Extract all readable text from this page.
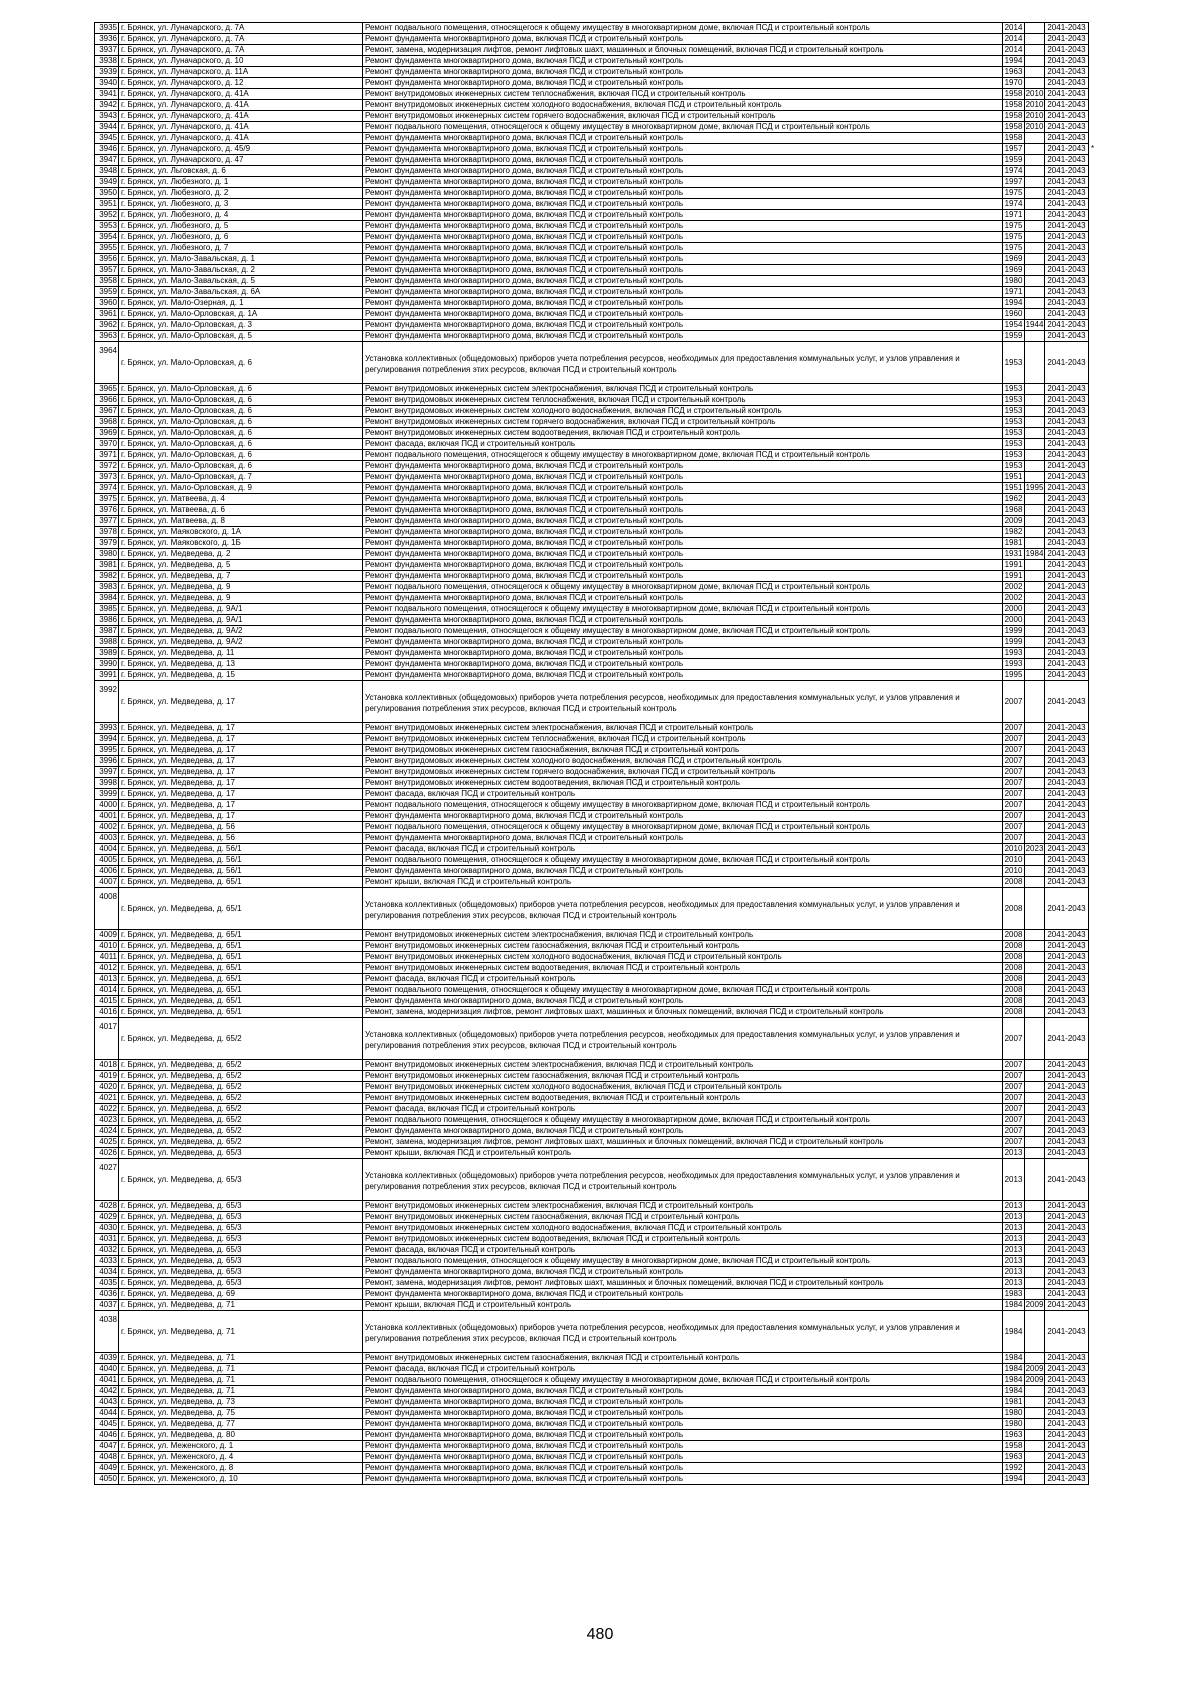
3935	г. Брянск, ул. Луначарского, д. 7А	Ремонт подвального помещения, относящегося к общему имуществу в многоквартирном доме, включая ПСД и строительный контроль	2014		2041-2043	
3936	г. Брянск, ул. Луначарского, д. 7А	Ремонт фундамента многоквартирного дома, включая ПСД и строительный контроль	2014		2041-2043	
3937	г. Брянск, ул. Луначарского, д. 7А	Ремонт, замена, модернизация лифтов, ремонт лифтовых шахт, машинных и блочных помещений, включая ПСД и строительный контроль	2014		2041-2043	
3938	г. Брянск, ул. Луначарского, д. 10	Ремонт фундамента многоквартирного дома, включая ПСД и строительный контроль	1994		2041-2043	
3939	г. Брянск, ул. Луначарского, д. 11А	Ремонт фундамента многоквартирного дома, включая ПСД и строительный контроль	1963		2041-2043	
3940	г. Брянск, ул. Луначарского, д. 12	Ремонт фундамента многоквартирного дома, включая ПСД и строительный контроль	1970		2041-2043	
3941	г. Брянск, ул. Луначарского, д. 41А	Ремонт внутридомовых инженерных систем теплоснабжения, включая ПСД и строительный контроль	1958	2010	2041-2043	
3942	г. Брянск, ул. Луначарского, д. 41А	Ремонт внутридомовых инженерных систем холодного водоснабжения, включая ПСД и строительный контроль	1958	2010	2041-2043	
3943	г. Брянск, ул. Луначарского, д. 41А	Ремонт внутридомовых инженерных систем горячего водоснабжения, включая ПСД и строительный контроль	1958	2010	2041-2043	
3944	г. Брянск, ул. Луначарского, д. 41А	Ремонт подвального помещения, относящегося к общему имуществу в многоквартирном доме, включая ПСД и строительный контроль	1958	2010	2041-2043	
3945	г. Брянск, ул. Луначарского, д. 41А	Ремонт фундамента многоквартирного дома, включая ПСД и строительный контроль	1958		2041-2043	
3946	г. Брянск, ул. Луначарского, д. 45/9	Ремонт фундамента многоквартирного дома, включая ПСД и строительный контроль	1957		2041-2043	*
3947	г. Брянск, ул. Луначарского, д. 47	Ремонт фундамента многоквартирного дома, включая ПСД и строительный контроль	1959		2041-2043	
3948	г. Брянск, ул. Льговская, д. 6	Ремонт фундамента многоквартирного дома, включая ПСД и строительный контроль	1974		2041-2043	
3949	г. Брянск, ул. Любезного, д. 1	Ремонт фундамента многоквартирного дома, включая ПСД и строительный контроль	1997		2041-2043	
3950	г. Брянск, ул. Любезного, д. 2	Ремонт фундамента многоквартирного дома, включая ПСД и строительный контроль	1975		2041-2043	
3951	г. Брянск, ул. Любезного, д. 3	Ремонт фундамента многоквартирного дома, включая ПСД и строительный контроль	1974		2041-2043	
3952	г. Брянск, ул. Любезного, д. 4	Ремонт фундамента многоквартирного дома, включая ПСД и строительный контроль	1971		2041-2043	
3953	г. Брянск, ул. Любезного, д. 5	Ремонт фундамента многоквартирного дома, включая ПСД и строительный контроль	1975		2041-2043	
3954	г. Брянск, ул. Любезного, д. 6	Ремонт фундамента многоквартирного дома, включая ПСД и строительный контроль	1975		2041-2043	
3955	г. Брянск, ул. Любезного, д. 7	Ремонт фундамента многоквартирного дома, включая ПСД и строительный контроль	1975		2041-2043	
3956	г. Брянск, ул. Мало-Завальская, д. 1	Ремонт фундамента многоквартирного дома, включая ПСД и строительный контроль	1969		2041-2043	
3957	г. Брянск, ул. Мало-Завальская, д. 2	Ремонт фундамента многоквартирного дома, включая ПСД и строительный контроль	1969		2041-2043	
3958	г. Брянск, ул. Мало-Завальская, д. 5	Ремонт фундамента многоквартирного дома, включая ПСД и строительный контроль	1980		2041-2043	
3959	г. Брянск, ул. Мало-Завальская, д. 6А	Ремонт фундамента многоквартирного дома, включая ПСД и строительный контроль	1971		2041-2043	
3960	г. Брянск, ул. Мало-Озерная, д. 1	Ремонт фундамента многоквартирного дома, включая ПСД и строительный контроль	1994		2041-2043	
3961	г. Брянск, ул. Мало-Орловская, д. 1А	Ремонт фундамента многоквартирного дома, включая ПСД и строительный контроль	1960		2041-2043	
3962	г. Брянск, ул. Мало-Орловская, д. 3	Ремонт фундамента многоквартирного дома, включая ПСД и строительный контроль	1954	1944	2041-2043	
3963	г. Брянск, ул. Мало-Орловская, д. 5	Ремонт фундамента многоквартирного дома, включая ПСД и строительный контроль	1959		2041-2043	
3964	г. Брянск, ул. Мало-Орловская, д. 6	Установка коллективных (общедомовых) приборов учета потребления ресурсов, необходимых для предоставления коммунальных услуг, и узлов управления и регулирования потребления этих ресурсов, включая ПСД и строительный контроль	1953		2041-2043	
3965	г. Брянск, ул. Мало-Орловская, д. 6	Ремонт внутридомовых инженерных систем электроснабжения, включая ПСД и строительный контроль	1953		2041-2043	
3966	г. Брянск, ул. Мало-Орловская, д. 6	Ремонт внутридомовых инженерных систем теплоснабжения, включая ПСД и строительный контроль	1953		2041-2043	
3967	г. Брянск, ул. Мало-Орловская, д. 6	Ремонт внутридомовых инженерных систем холодного водоснабжения, включая ПСД и строительный контроль	1953		2041-2043	
3968	г. Брянск, ул. Мало-Орловская, д. 6	Ремонт внутридомовых инженерных систем горячего водоснабжения, включая ПСД и строительный контроль	1953		2041-2043	
3969	г. Брянск, ул. Мало-Орловская, д. 6	Ремонт внутридомовых инженерных систем водоотведения, включая ПСД и строительный контроль	1953		2041-2043	
3970	г. Брянск, ул. Мало-Орловская, д. 6	Ремонт фасада, включая ПСД и строительный контроль	1953		2041-2043	
3971	г. Брянск, ул. Мало-Орловская, д. 6	Ремонт подвального помещения, относящегося к общему имуществу в многоквартирном доме, включая ПСД и строительный контроль	1953		2041-2043	
3972	г. Брянск, ул. Мало-Орловская, д. 6	Ремонт фундамента многоквартирного дома, включая ПСД и строительный контроль	1953		2041-2043	
3973	г. Брянск, ул. Мало-Орловская, д. 7	Ремонт фундамента многоквартирного дома, включая ПСД и строительный контроль	1951		2041-2043	
3974	г. Брянск, ул. Мало-Орловская, д. 9	Ремонт фундамента многоквартирного дома, включая ПСД и строительный контроль	1951	1995	2041-2043	
3975	г. Брянск, ул. Матвеева, д. 4	Ремонт фундамента многоквартирного дома, включая ПСД и строительный контроль	1962		2041-2043	
3976	г. Брянск, ул. Матвеева, д. 6	Ремонт фундамента многоквартирного дома, включая ПСД и строительный контроль	1968		2041-2043	
3977	г. Брянск, ул. Матвеева, д. 8	Ремонт фундамента многоквартирного дома, включая ПСД и строительный контроль	2009		2041-2043	
3978	г. Брянск, ул. Маяковского, д. 1А	Ремонт фундамента многоквартирного дома, включая ПСД и строительный контроль	1982		2041-2043	
3979	г. Брянск, ул. Маяковского, д. 1Б	Ремонт фундамента многоквартирного дома, включая ПСД и строительный контроль	1981		2041-2043	
3980	г. Брянск, ул. Медведева, д. 2	Ремонт фундамента многоквартирного дома, включая ПСД и строительный контроль	1931	1984	2041-2043	
3981	г. Брянск, ул. Медведева, д. 5	Ремонт фундамента многоквартирного дома, включая ПСД и строительный контроль	1991		2041-2043	
3982	г. Брянск, ул. Медведева, д. 7	Ремонт фундамента многоквартирного дома, включая ПСД и строительный контроль	1991		2041-2043	
3983	г. Брянск, ул. Медведева, д. 9	Ремонт подвального помещения, относящегося к общему имуществу в многоквартирном доме, включая ПСД и строительный контроль	2002		2041-2043	
3984	г. Брянск, ул. Медведева, д. 9	Ремонт фундамента многоквартирного дома, включая ПСД и строительный контроль	2002		2041-2043	
3985	г. Брянск, ул. Медведева, д. 9А/1	Ремонт подвального помещения, относящегося к общему имуществу в многоквартирном доме, включая ПСД и строительный контроль	2000		2041-2043	
3986	г. Брянск, ул. Медведева, д. 9А/1	Ремонт фундамента многоквартирного дома, включая ПСД и строительный контроль	2000		2041-2043	
3987	г. Брянск, ул. Медведева, д. 9А/2	Ремонт подвального помещения, относящегося к общему имуществу в многоквартирном доме, включая ПСД и строительный контроль	1999		2041-2043	
3988	г. Брянск, ул. Медведева, д. 9А/2	Ремонт фундамента многоквартирного дома, включая ПСД и строительный контроль	1999		2041-2043	
3989	г. Брянск, ул. Медведева, д. 11	Ремонт фундамента многоквартирного дома, включая ПСД и строительный контроль	1993		2041-2043	
3990	г. Брянск, ул. Медведева, д. 13	Ремонт фундамента многоквартирного дома, включая ПСД и строительный контроль	1993		2041-2043	
3991	г. Брянск, ул. Медведева, д. 15	Ремонт фундамента многоквартирного дома, включая ПСД и строительный контроль	1995		2041-2043	
3992	г. Брянск, ул. Медведева, д. 17	Установка коллективных (общедомовых) приборов учета потребления ресурсов, необходимых для предоставления коммунальных услуг, и узлов управления и регулирования потребления этих ресурсов, включая ПСД и строительный контроль	2007		2041-2043	
3993	г. Брянск, ул. Медведева, д. 17	Ремонт внутридомовых инженерных систем электроснабжения, включая ПСД и строительный контроль	2007		2041-2043	
3994	г. Брянск, ул. Медведева, д. 17	Ремонт внутридомовых инженерных систем теплоснабжения, включая ПСД и строительный контроль	2007		2041-2043	
3995	г. Брянск, ул. Медведева, д. 17	Ремонт внутридомовых инженерных систем газоснабжения, включая ПСД и строительный контроль	2007		2041-2043	
3996	г. Брянск, ул. Медведева, д. 17	Ремонт внутридомовых инженерных систем холодного водоснабжения, включая ПСД и строительный контроль	2007		2041-2043	
3997	г. Брянск, ул. Медведева, д. 17	Ремонт внутридомовых инженерных систем горячего водоснабжения, включая ПСД и строительный контроль	2007		2041-2043	
3998	г. Брянск, ул. Медведева, д. 17	Ремонт внутридомовых инженерных систем водоотведения, включая ПСД и строительный контроль	2007		2041-2043	
3999	г. Брянск, ул. Медведева, д. 17	Ремонт фасада, включая ПСД и строительный контроль	2007		2041-2043	
4000	г. Брянск, ул. Медведева, д. 17	Ремонт подвального помещения, относящегося к общему имуществу в многоквартирном доме, включая ПСД и строительный контроль	2007		2041-2043	
4001	г. Брянск, ул. Медведева, д. 17	Ремонт фундамента многоквартирного дома, включая ПСД и строительный контроль	2007		2041-2043	
4002	г. Брянск, ул. Медведева, д. 56	Ремонт подвального помещения, относящегося к общему имуществу в многоквартирном доме, включая ПСД и строительный контроль	2007		2041-2043	
4003	г. Брянск, ул. Медведева, д. 56	Ремонт фундамента многоквартирного дома, включая ПСД и строительный контроль	2007		2041-2043	
4004	г. Брянск, ул. Медведева, д. 56/1	Ремонт фасада, включая ПСД и строительный контроль	2010	2023	2041-2043	
4005	г. Брянск, ул. Медведева, д. 56/1	Ремонт подвального помещения, относящегося к общему имуществу в многоквартирном доме, включая ПСД и строительный контроль	2010		2041-2043	
4006	г. Брянск, ул. Медведева, д. 56/1	Ремонт фундамента многоквартирного дома, включая ПСД и строительный контроль	2010		2041-2043	
4007	г. Брянск, ул. Медведева, д. 65/1	Ремонт крыши, включая ПСД и строительный контроль	2008		2041-2043	
4008	г. Брянск, ул. Медведева, д. 65/1	Установка коллективных (общедомовых) приборов учета потребления ресурсов, необходимых для предоставления коммунальных услуг, и узлов управления и регулирования потребления этих ресурсов, включая ПСД и строительный контроль	2008		2041-2043	
4009	г. Брянск, ул. Медведева, д. 65/1	Ремонт внутридомовых инженерных систем электроснабжения, включая ПСД и строительный контроль	2008		2041-2043	
4010	г. Брянск, ул. Медведева, д. 65/1	Ремонт внутридомовых инженерных систем газоснабжения, включая ПСД и строительный контроль	2008		2041-2043	
4011	г. Брянск, ул. Медведева, д. 65/1	Ремонт внутридомовых инженерных систем холодного водоснабжения, включая ПСД и строительный контроль	2008		2041-2043	
4012	г. Брянск, ул. Медведева, д. 65/1	Ремонт внутридомовых инженерных систем водоотведения, включая ПСД и строительный контроль	2008		2041-2043	
4013	г. Брянск, ул. Медведева, д. 65/1	Ремонт фасада, включая ПСД и строительный контроль	2008		2041-2043	
4014	г. Брянск, ул. Медведева, д. 65/1	Ремонт подвального помещения, относящегося к общему имуществу в многоквартирном доме, включая ПСД и строительный контроль	2008		2041-2043	
4015	г. Брянск, ул. Медведева, д. 65/1	Ремонт фундамента многоквартирного дома, включая ПСД и строительный контроль	2008		2041-2043	
4016	г. Брянск, ул. Медведева, д. 65/1	Ремонт, замена, модернизация лифтов, ремонт лифтовых шахт, машинных и блочных помещений, включая ПСД и строительный контроль	2008		2041-2043	
4017	г. Брянск, ул. Медведева, д. 65/2	Установка коллективных (общедомовых) приборов учета потребления ресурсов, необходимых для предоставления коммунальных услуг, и узлов управления и регулирования потребления этих ресурсов, включая ПСД и строительный контроль	2007		2041-2043	
4018	г. Брянск, ул. Медведева, д. 65/2	Ремонт внутридомовых инженерных систем электроснабжения, включая ПСД и строительный контроль	2007		2041-2043	
4019	г. Брянск, ул. Медведева, д. 65/2	Ремонт внутридомовых инженерных систем газоснабжения, включая ПСД и строительный контроль	2007		2041-2043	
4020	г. Брянск, ул. Медведева, д. 65/2	Ремонт внутридомовых инженерных систем холодного водоснабжения, включая ПСД и строительный контроль	2007		2041-2043	
4021	г. Брянск, ул. Медведева, д. 65/2	Ремонт внутридомовых инженерных систем водоотведения, включая ПСД и строительный контроль	2007		2041-2043	
4022	г. Брянск, ул. Медведева, д. 65/2	Ремонт фасада, включая ПСД и строительный контроль	2007		2041-2043	
4023	г. Брянск, ул. Медведева, д. 65/2	Ремонт подвального помещения, относящегося к общему имуществу в многоквартирном доме, включая ПСД и строительный контроль	2007		2041-2043	
4024	г. Брянск, ул. Медведева, д. 65/2	Ремонт фундамента многоквартирного дома, включая ПСД и строительный контроль	2007		2041-2043	
4025	г. Брянск, ул. Медведева, д. 65/2	Ремонт, замена, модернизация лифтов, ремонт лифтовых шахт, машинных и блочных помещений, включая ПСД и строительный контроль	2007		2041-2043	
4026	г. Брянск, ул. Медведева, д. 65/3	Ремонт крыши, включая ПСД и строительный контроль	2013		2041-2043	
4027	г. Брянск, ул. Медведева, д. 65/3	Установка коллективных (общедомовых) приборов учета потребления ресурсов, необходимых для предоставления коммунальных услуг, и узлов управления и регулирования потребления этих ресурсов, включая ПСД и строительный контроль	2013		2041-2043	
4028	г. Брянск, ул. Медведева, д. 65/3	Ремонт внутридомовых инженерных систем электроснабжения, включая ПСД и строительный контроль	2013		2041-2043	
4029	г. Брянск, ул. Медведева, д. 65/3	Ремонт внутридомовых инженерных систем газоснабжения, включая ПСД и строительный контроль	2013		2041-2043	
4030	г. Брянск, ул. Медведева, д. 65/3	Ремонт внутридомовых инженерных систем холодного водоснабжения, включая ПСД и строительный контроль	2013		2041-2043	
4031	г. Брянск, ул. Медведева, д. 65/3	Ремонт внутридомовых инженерных систем водоотведения, включая ПСД и строительный контроль	2013		2041-2043	
4032	г. Брянск, ул. Медведева, д. 65/3	Ремонт фасада, включая ПСД и строительный контроль	2013		2041-2043	
4033	г. Брянск, ул. Медведева, д. 65/3	Ремонт подвального помещения, относящегося к общему имуществу в многоквартирном доме, включая ПСД и строительный контроль	2013		2041-2043	
4034	г. Брянск, ул. Медведева, д. 65/3	Ремонт фундамента многоквартирного дома, включая ПСД и строительный контроль	2013		2041-2043	
4035	г. Брянск, ул. Медведева, д. 65/3	Ремонт, замена, модернизация лифтов, ремонт лифтовых шахт, машинных и блочных помещений, включая ПСД и строительный контроль	2013		2041-2043	
4036	г. Брянск, ул. Медведева, д. 69	Ремонт фундамента многоквартирного дома, включая ПСД и строительный контроль	1983		2041-2043	
4037	г. Брянск, ул. Медведева, д. 71	Ремонт крыши, включая ПСД и строительный контроль	1984	2009	2041-2043	
4038	г. Брянск, ул. Медведева, д. 71	Установка коллективных (общедомовых) приборов учета потребления ресурсов, необходимых для предоставления коммунальных услуг, и узлов управления и регулирования потребления этих ресурсов, включая ПСД и строительный контроль	1984		2041-2043	
4039	г. Брянск, ул. Медведева, д. 71	Ремонт внутридомовых инженерных систем газоснабжения, включая ПСД и строительный контроль	1984		2041-2043	
4040	г. Брянск, ул. Медведева, д. 71	Ремонт фасада, включая ПСД и строительный контроль	1984	2009	2041-2043	
4041	г. Брянск, ул. Медведева, д. 71	Ремонт подвального помещения, относящегося к общему имуществу в многоквартирном доме, включая ПСД и строительный контроль	1984	2009	2041-2043	
4042	г. Брянск, ул. Медведева, д. 71	Ремонт фундамента многоквартирного дома, включая ПСД и строительный контроль	1984		2041-2043	
4043	г. Брянск, ул. Медведева, д. 73	Ремонт фундамента многоквартирного дома, включая ПСД и строительный контроль	1981		2041-2043	
4044	г. Брянск, ул. Медведева, д. 75	Ремонт фундамента многоквартирного дома, включая ПСД и строительный контроль	1980		2041-2043	
4045	г. Брянск, ул. Медведева, д. 77	Ремонт фундамента многоквартирного дома, включая ПСД и строительный контроль	1980		2041-2043	
4046	г. Брянск, ул. Медведева, д. 80	Ремонт фундамента многоквартирного дома, включая ПСД и строительный контроль	1963		2041-2043	
4047	г. Брянск, ул. Меженского, д. 1	Ремонт фундамента многоквартирного дома, включая ПСД и строительный контроль	1958		2041-2043	
4048	г. Брянск, ул. Меженского, д. 4	Ремонт фундамента многоквартирного дома, включая ПСД и строительный контроль	1963		2041-2043	
4049	г. Брянск, ул. Меженского, д. 8	Ремонт фундамента многоквартирного дома, включая ПСД и строительный контроль	1992		2041-2043	
4050	г. Брянск, ул. Меженского, д. 10	Ремонт фундамента многоквартирного дома, включая ПСД и строительный контроль	1994		2041-2043	
480
